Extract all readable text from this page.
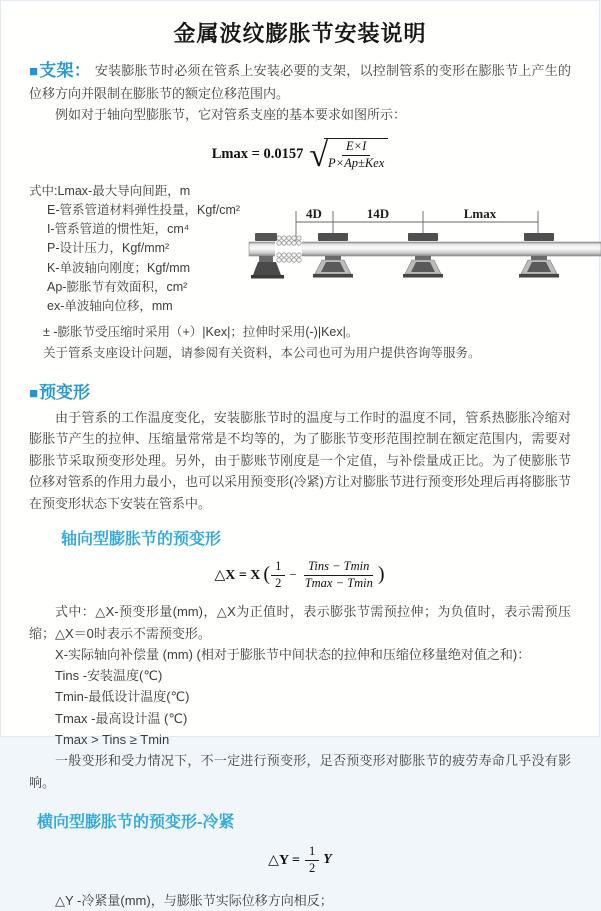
金属波纹膨胀节安装说明

■支架： 安装膨胀节时必须在管系上安装必要的支架，以控制管系的变形在膨胀节上产生的位移方向并限制在膨胀节的额定位移范围内。

例如对于轴向型膨胀节，它对管系支座的基本要求如图所示：

Lmax = 0.0157 √
$\frac{E\times I}{\text{P×Ap±Kex}}$

式中:Lmax-最大导向间距，m

E-管系管道材料弹性投量，Kgf/cm²

I-管系管道的惯性矩，cm⁴

P-设计压力，Kgf/mm²

K-单波轴向刚度；Kgf/mm

Ap-膨胀节有效面积，cm²

ex-单波轴向位移，mm

4D	14D	Lmax

± -膨胀节受压缩时采用（+）|Kex|；拉伸时采用(-)|Kex|。

关于管系支座设计问题，请参阅有关资料，本公司也可为用户提供咨询等服务。

■预变形

由于管系的工作温度变化，安装膨胀节时的温度与工作时的温度不同，管系热膨胀冷缩对膨胀节产生的拉伸、压缩量常常是不均等的，为了膨胀节变形范围控制在额定范围内，需要对膨胀节采取预变形处理。另外，由于膨账节刚度是一个定值，与补偿量成正比。为了使膨胀节位移对管系的作用力最小，也可以采用预变形(冷紧)方让对膨胀节进行预变形处理后再将膨胀节在预变形状态下安装在管系中。

轴向型膨胀节的预变形
△X = X ( $\frac{1}{2} - \frac{\text{Tins − Tmin}}{Tmax - Tmin}$ )

式中：△X-预变形量(mm)，△X为正值时，表示膨张节需预拉伸；为负值时，表示需预压缩；△X＝0时表示不需预变形。

X-实际轴向补偿量 (mm) (相对于膨胀节中间状态的拉伸和压缩位移量绝对值之和)：

Tins -安装温度(℃)

Tmin-最低设计温度(℃)

Tmax -最高设计温 (℃)

Tmax > Tins ≥ Tmin

一般变形和受力情况下，不一定进行预变形，足否预变形对膨胀节的疲劳寿命几乎没有影响。

横向型膨胀节的预变形-冷紧
△Y = $\frac{1}{2}$ Y

△Y -冷紧量(mm)，与膨胀节实际位移方向相反；
